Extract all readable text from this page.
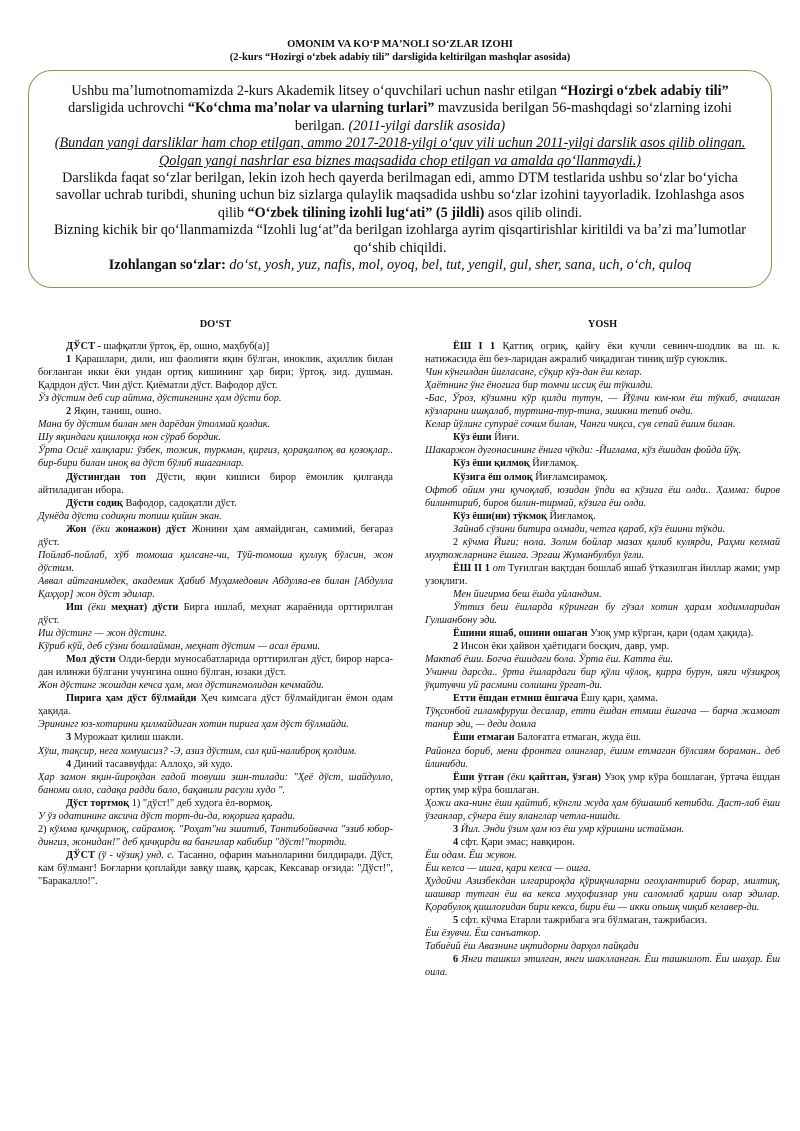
OMONIM VA KOʻP MAʼNOLI SOʻZLAR IZOHI
(2-kurs “Hozirgi oʻzbek adabiy tili” darsligida keltirilgan mashqlar asosida)

Ushbu maʼlumotnomamizda 2-kurs Akademik litsey oʻquvchilari uchun nashr etilgan “Hozirgi oʻzbek adabiy tili” darsligida uchrovchi “Koʻchma maʼnolar va ularning turlari” mavzusida berilgan 56-mashqdagi soʻzlarning izohi berilgan. (2011-yilgi darslik asosida)

(Bundan yangi darsliklar ham chop etilgan, ammo 2017-2018-yilgi oʻquv yili uchun 2011-yilgi darslik asos qilib olingan. Qolgan yangi nashrlar esa biznes maqsadida chop etilgan va amalda qoʻllanmaydi.)

Darslikda faqat soʻzlar berilgan, lekin izoh hech qayerda berilmagan edi, ammo DTM testlarida ushbu soʻzlar boʻyicha savollar uchrab turibdi, shuning uchun biz sizlarga qulaylik maqsadida ushbu soʻzlar izohini tayyorladik. Izohlashga asos qilib “Oʻzbek tilining izohli lugʻati” (5 jildli) asos qilib olindi.

Bizning kichik bir qoʻllanmamizda “Izohli lugʻat”da berilgan izohlarga ayrim qisqartirishlar kiritildi va baʼzi maʼlumotlar qoʻshib chiqildi.

Izohlangan soʻzlar: doʻst, yosh, yuz, nafis, mol, oyoq, bel, tut, yengil, gul, sher, sana, uch, oʻch, quloq

DOʻST

ДЎСТ - шафқатли ўртоқ, ёр, ошно, маҳбуб(а)]

1 Қарашлари, дили, иш фаолияти яқин бўлган, иноклик, аҳиллик билан боғланган икки ёки ундан ортиқ кишининг ҳар бири; ўртоқ. зид. душман. Қадрдон дўст. Чин дўст. Қиёматли дўст. Вафодор дўст.

Ўз дўстим деб сир айтма, дўстингнинг ҳам дўсти бор.

2 Яқин, таниш, ошно.

Мана бу дўстим билан мен дарёдан ўтолмай қолдик.

Шу яқиндаги қишлоққа нон сўраб бордик.

Ўрта Осиё халқлари: ўзбек, тожик, туркман, қирғиз, қорақалпоқ ва қозоқлар.. бир-бири билан иноқ ва дўст бўлиб яшаганлар.

Дўстингдан топ Дўсти, яқин кишиси бирор ёмонлик қилганда айтиладиган ибора.

Дўсти содиқ Вафодор, садоқатли дўст.

Дунёда дўсти содиқни топиш қийин экан.

Жон (ёки жонажон) дўст Жонини ҳам аямайдиган, самимий, беғараз дўст.

Пойлаб-пойлаб, хўб томоша қилсанг-чи, Тўй-томоша қуллуқ бўлсин, жон дўстим.

Аввал айтганимдек, академик Ҳабиб Муҳамедович Абдуляа-ев билан [Абдулла Қаҳҳор] жон дўст эдилар.

Иш (ёки меҳнат) дўсти Бирга ишлаб, меҳнат жараёнида орттирилган дўст.

Иш дўстинг — жон дўстинг.

Кўриб кўй, деб сўзни бошлайман, меҳнат дўстим — асал ёрими.

Мол дўсти Олди-берди муносабатларида орттирилган дўст, бирор нарса-дан илинжи бўлгани учунгина ошно бўлган, юзаки дўст.

Жон дўстинг жошдан кечса ҳам, мол дўстингмолидан кечмайди.

Пирига ҳам дўст бўлмайди Ҳеч кимсага дўст бўлмайдиган ёмон одам ҳақида.

Эринингг юз-хотирини қилмайдиган хотин пирига ҳам дўст бўлмайди.

3 Мурожаат қилиш шакли.

Хўш, тақсир, нега хомушсиз? -Э, азиз дўстим, сал қий-налиброқ қолдим.

4 Диний тасаввуфда: Аллоҳо, эй худо.

Ҳар замон яқин-йироқдан гадой товуши эшн-тилади: "Ҳеё дўст, шайдулло, баноми оллo, садақа радди бало, бақавили расули худо ".

Дўст тортмоқ 1) "дўст!" деб худога ёл-вормоқ.

У ўз одатининг аксича дўст торт-ди-да, юқорига қаради.

2) кўмма қичқирмоқ, сайрамоқ. "Роҳат"ни эшитиб, Тантибойвачча "эзиб юбор-дингиз, жонидан!" деб қичқирди ва бангилар кабибир "дўст!"тортди.

ДЎСТ (ў - чўзиқ) унд. с. Тасанно, офарин маъноларини билдиради. Дўст, кам бўлманг! Боғларни қоплайди завқу шавқ, қарсак, Кексавар оғзида: "Дўст!", "Баракалло!".

YOSH

ЁШ I 1 Қаттиқ огриқ, қайғу ёки кучли севинч-шодлик ва ш. к. натижасида ёш без-ларидан ажралиб чиқадиган тиниқ шўр суюклик.

Чин кўнгилдан йиғласанг, сўқир кўз-дан ёш келар.

Ҳаётнинг ўнг ёногига бир томчи иссиқ ёш тўкилди.

-Бас, Ўроз, кўзимни кўр қилди тутун, — Йўлчи юм-юм ёш тўкиб, ачишган кўзларини ишқалаб, туртина-тур-тина, эшикни тепиб очди.

Келар йўлинг супураё сочим билан, Чанги чиқса, сув сепай ёшим билан.

Кўз ёши Йиғи.

Шакаржон дугонасининг ёнига чўкди: -Йиглама, кўз ёшидан фойда йўқ.

Кўз ёши қилмоқ Йиғламоқ.

Кўзига ёш олмоқ Йиғламсирамоқ.

Офтоб ойим уни қучоқлаб, юзидан ўпди ва кўзига ёш олди.. Ҳамма: биров билинтириб, биров билин-тирмай, кўзига ёш олди.

Кўз ёши(ни) тўкмоқ Йиғламоқ.

Зайнаб сўзини битира олмади, четга қараб, кўз ёшини тўкди.

2 кўчма Йиғи; нола. Золим бойлар мазах қилиб кулярди, Раҳми келмай муҳтожларнинг ёшига. Эргаш Жуманбулбул ўғли.

ЁШ II 1 от Туғилган вақтдан бошлаб яшаб ўтказилган йиллар жами; умр узоқлиги.

Мен йигирма беш ёшда уйландим.

Ўттиз беш ёшларда кўринган бу гўзал хотин ҳарам ходимларидан Гулшанбону эди.

Ёшини яшаб, ошини ошаган Узоқ умр кўрган, қари (одам ҳақида).

2 Инсон ёки ҳайвон ҳаётидаги босқич, давр, умр.

Мактаб ёши. Бoгча ёшидаги бола. Ўрта ёш. Катта ёш.

Учинчи дарсда.. ўрта ёшлардаги бир қўли чўлоқ, қирра бурун, ияги чўзиқроқ ўқитувчи уй расмини солишни ўргат-ди.

Етти ёшдан етмиш ёшгача Ёшу қари, ҳамма.

Тўқсонбой гиламфуруш десалар, етти ёшдан етмиш ёшгача — барча жамоат танир эди, — деди домла

Ёши етмаган Балоғатга етмаган, жуда ёш.

Районга бориб, мени фронтга олинглар, ёшим етмаган бўлсаям бораман.. деб йлинибди.

Ёши ўтган (ёки қайтган, ўзган) Узоқ умр кўра бошлаган, ўртача ёшдан ортиқ умр кўра бошлаган.

Ҳожи ака-нинг ёши қайтиб, кўнгли жуда ҳам бўшашиб кетибди. Дaст-лаб ёши ўзганлар, сўнгра ёшу яланглар четла-нишди.

3 Йил. Энди ўзим ҳам юз ёш умр кўришни истайман.

4 сфт. Қари эмас; навқирон.

Ёш одам. Ёш жувон.

Ёш келса — ишга, қари келса — ошга.

Ҳудойчи Азизбекдан илгарироқда қўриқчиларни огоҳлантириб борар, милтиқ, шашвар тутган ёш ва кекса муҳофизлар уни саломлаб қарши олар эдилар. Қорабулоқ қишлоғидан бири кекса, бири ёш — икки опьшқ чиқиб келавер-ди.

5 сфт. кўчма Етарли тажрибага эга бўлмаган, тажрибасиз.

Ёш ёзувчи. Ёш санъаткор.

Табиёий ёш Авазнинг иқтидорни дарҳол пайқади

6 Янги ташкил этилган, янги шаклланган. Ёш ташкилот. Ёш шаҳар. Ёш оила.
